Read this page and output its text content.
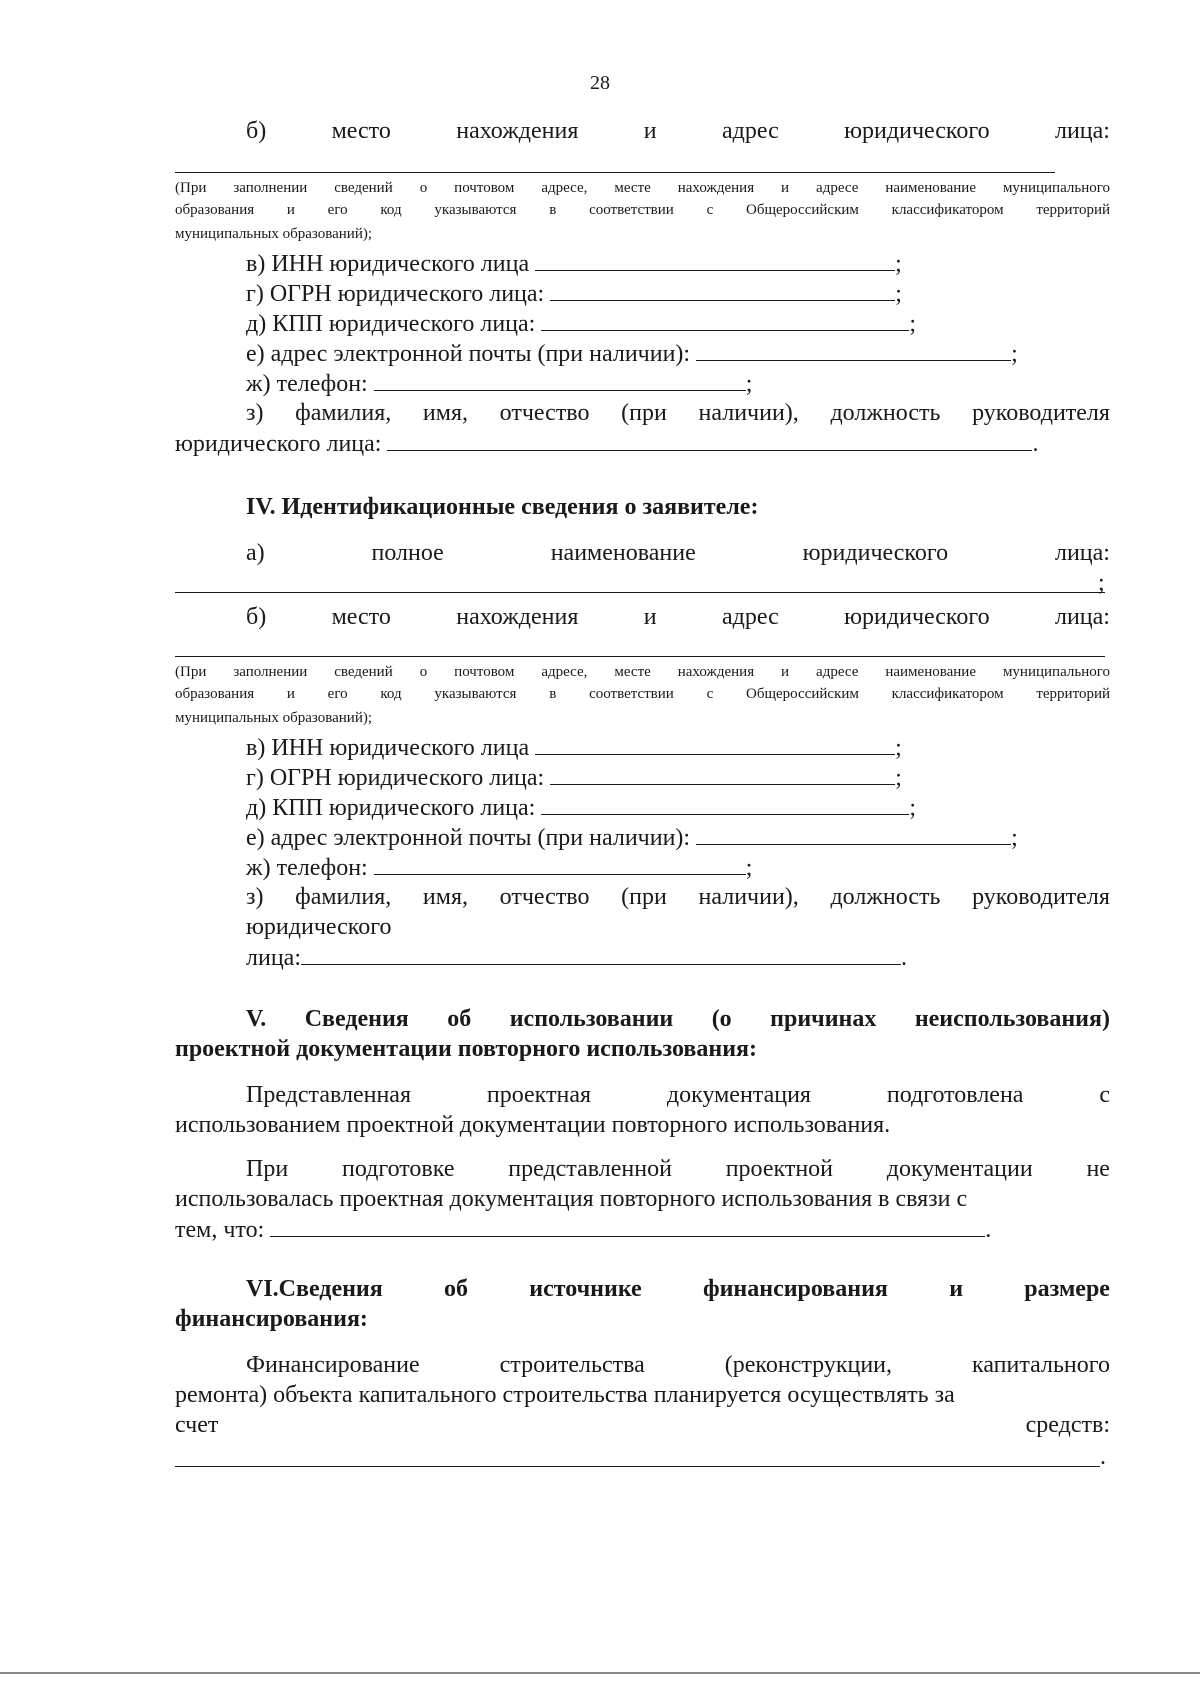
28
б)	место	нахождения	и	адрес	юридического	лица:
(При заполнении сведений о почтовом адресе, месте нахождения и адресе наименование муниципального
образования и его код указываются в соответствии с Общероссийским классификатором территорий
муниципальных образований);
в) ИНН юридического лица	;
г) ОГРН юридического лица:	;
д) КПП юридического лица:	;
е) адрес электронной почты (при наличии):	;
ж) телефон:	;
з) фамилия, имя, отчество (при наличии), должность руководителя
юридического лица:	.
IV. Идентификационные сведения о заявителе:
а)	полное	наименование	юридического	лица:
;
б)	место	нахождения	и	адрес	юридического	лица:
(При заполнении сведений о почтовом адресе, месте нахождения и адресе наименование муниципального
образования и его код указываются в соответствии с Общероссийским классификатором территорий
муниципальных образований);
в) ИНН юридического лица	;
г) ОГРН юридического лица:	;
д) КПП юридического лица:	;
е) адрес электронной почты (при наличии):	;
ж) телефон:	;
з) фамилия, имя, отчество (при наличии), должность руководителя
юридического
лица:	.
V. Сведения об использовании (о причинах неиспользования)
проектной документации повторного использования:
Представленная	проектная	документация	подготовлена	с
использованием проектной документации повторного использования.
При подготовке представленной проектной документации не
использовалась проектная документация повторного использования в связи с
тем, что:	.
VI.Сведения	об	источнике	финансирования	и	размере
финансирования:
Финансирование	строительства	(реконструкции,	капитального
ремонта) объекта капитального строительства планируется осуществлять за
счет	средств:
.
